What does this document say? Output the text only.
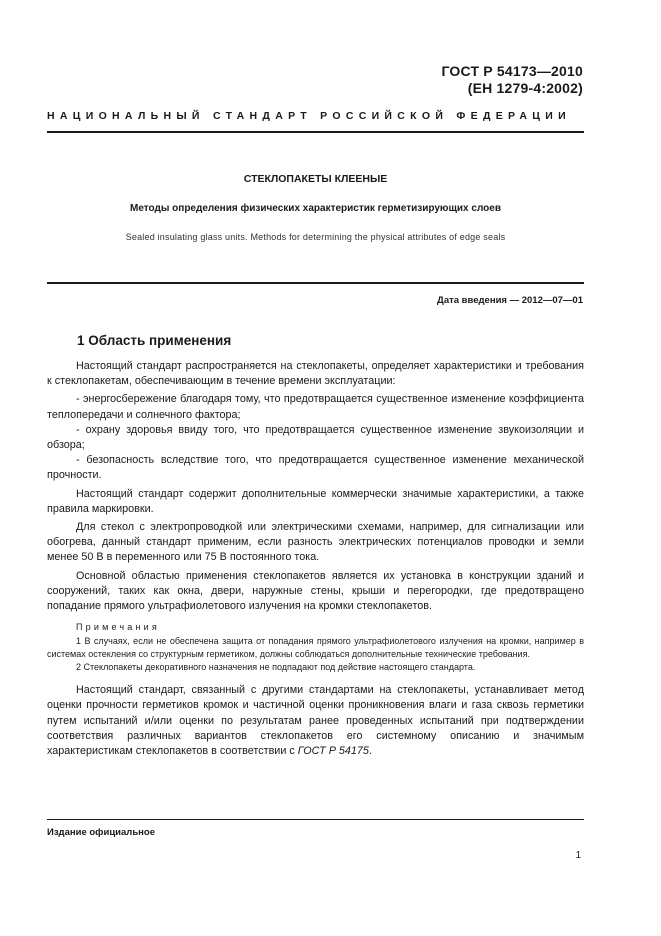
ГОСТ Р 54173—2010
(ЕН 1279-4:2002)
НАЦИОНАЛЬНЫЙ СТАНДАРТ РОССИЙСКОЙ ФЕДЕРАЦИИ
СТЕКЛОПАКЕТЫ КЛЕЕНЫЕ
Методы определения физических характеристик герметизирующих слоев
Sealed insulating glass units. Methods for determining the physical attributes of edge seals
Дата введения — 2012—07—01
1 Область применения

Настоящий стандарт распространяется на стеклопакеты, определяет характеристики и требования к стеклопакетам, обеспечивающим в течение времени эксплуатации:

- энергосбережение благодаря тому, что предотвращается существенное изменение коэффициента теплопередачи и солнечного фактора;

- охрану здоровья ввиду того, что предотвращается существенное изменение звукоизоляции и обзора;

- безопасность вследствие того, что предотвращается существенное изменение механической прочности.

Настоящий стандарт содержит дополнительные коммерчески значимые характеристики, а также правила маркировки.

Для стекол с электропроводкой или электрическими схемами, например, для сигнализации или обогрева, данный стандарт применим, если разность электрических потенциалов проводки и земли менее 50 В в переменного или 75 В постоянного тока.

Основной областью применения стеклопакетов является их установка в конструкции зданий и сооружений, таких как окна, двери, наружные стены, крыши и перегородки, где предотвращено попадание прямого ультрафиолетового излучения на кромки стеклопакетов.

Примечания
1 В случаях, если не обеспечена защита от попадания прямого ультрафиолетового излучения на кромки, например в системах остекления со структурным герметиком, должны соблюдаться дополнительные технические требования.
2 Стеклопакеты декоративного назначения не подпадают под действие настоящего стандарта.

Настоящий стандарт, связанный с другими стандартами на стеклопакеты, устанавливает метод оценки прочности герметиков кромок и частичной оценки проникновения влаги и газа сквозь герметики путем испытаний и/или оценки по результатам ранее проведенных испытаний при подтверждении соответствия различных вариантов стеклопакетов его системному описанию и значимым характеристикам стеклопакетов в соответствии с ГОСТ Р 54175.

Издание официальное
1
